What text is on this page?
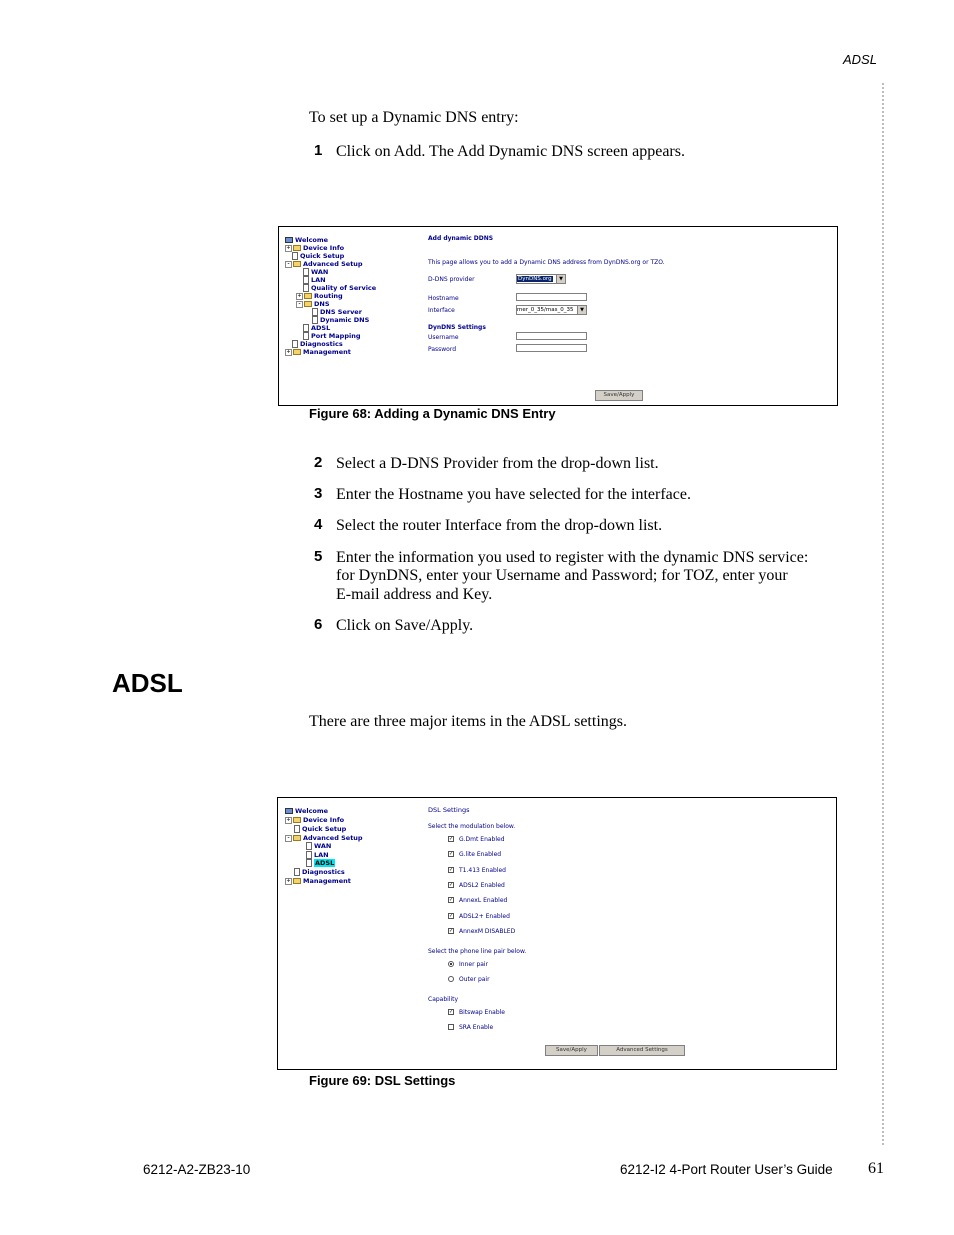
ADSL
To set up a Dynamic DNS entry:
1 Click on Add. The Add Dynamic DNS screen appears.
Welcome
+ Device Info
Quick Setup
- Advanced Setup
WAN
LAN
Quality of Service
+ Routing
- DNS
DNS Server
Dynamic DNS
ADSL
Port Mapping
Diagnostics
+ Management
Add dynamic DDNS
This page allows you to add a Dynamic DNS address from DynDNS.org or TZO.
D-DNS provider	DynDNS.org	▼
Hostname
Interface	mer_0_35/mas_0_35	▼
DynDNS Settings
Username
Password
Save/Apply
Figure 68: Adding a Dynamic DNS Entry
2 Select a D-DNS Provider from the drop-down list.
3 Enter the Hostname you have selected for the interface.
4 Select the router Interface from the drop-down list.
5 Enter the information you used to register with the dynamic DNS service:
for DynDNS, enter your Username and Password; for TOZ, enter your
E-mail address and Key.
6 Click on Save/Apply.
ADSL
There are three major items in the ADSL settings.
Welcome
+ Device Info
Quick Setup
- Advanced Setup
WAN
LAN
ADSL
Diagnostics
+ Management
DSL Settings
Select the modulation below.
✓ G.Dmt Enabled
✓ G.lite Enabled
✓ T1.413 Enabled
✓ ADSL2 Enabled
✓ AnnexL Enabled
✓ ADSL2+ Enabled
✓ AnnexM DISABLED
Select the phone line pair below.
Inner pair
Outer pair
Capability
✓ Bitswap Enable
SRA Enable
Save/Apply	Advanced Settings
Figure 69: DSL Settings
6212-A2-ZB23-10	6212-I2 4-Port Router User’s Guide 61
